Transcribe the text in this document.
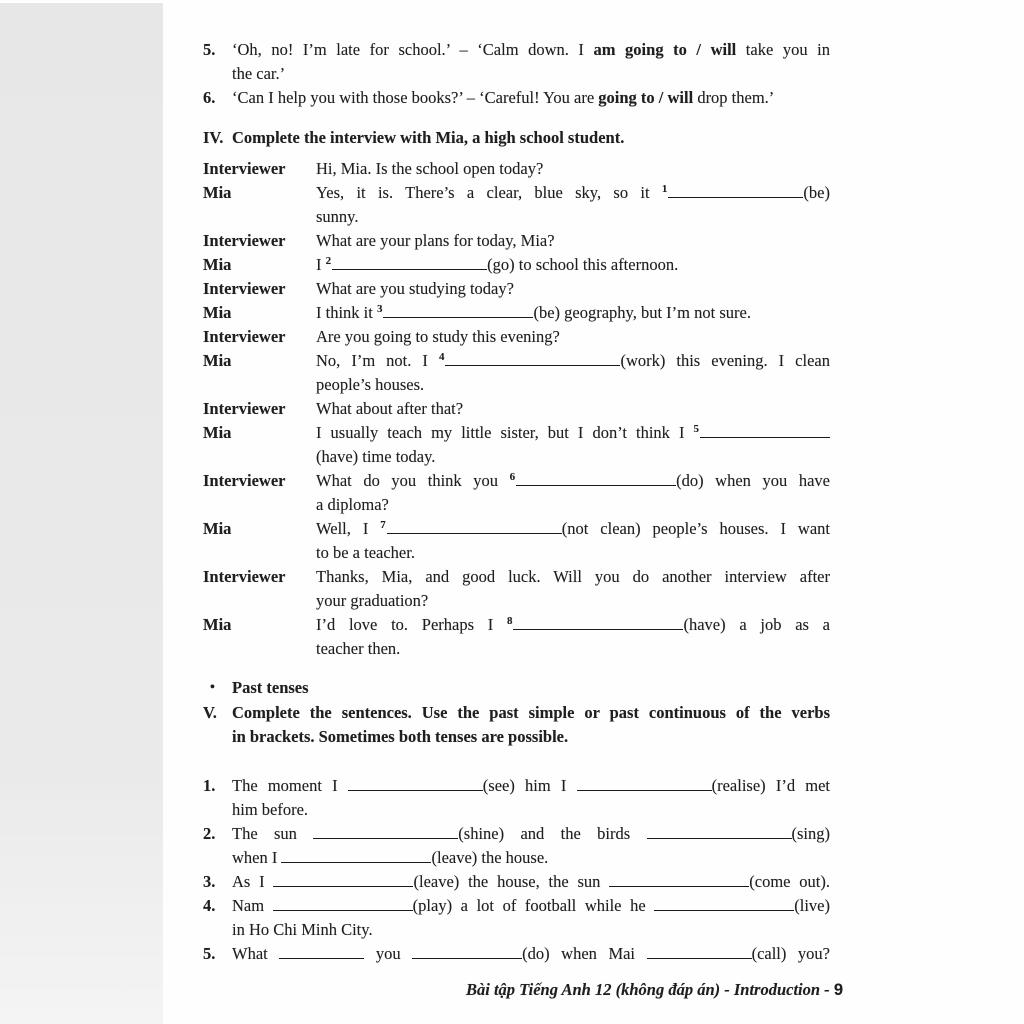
5.	‘Oh, no! I’m late for school.’ – ‘Calm down. I am going to / will take you in
the car.’
6.	‘Can I help you with those books?’ – ‘Careful! You are going to / will drop them.’
IV. Complete the interview with Mia, a high school student.
Interviewer	Hi, Mia. Is the school open today?
Mia	Yes, it is. There’s a clear, blue sky, so it $^1$	(be)
sunny.
Interviewer	What are your plans for today, Mia?
Mia	I $^2$	(go) to school this afternoon.
Interviewer	What are you studying today?
Mia	I think it $^3$	(be) geography, but I’m not sure.
Interviewer	Are you going to study this evening?
Mia	No, I’m not. I $^4$	(work) this evening. I clean
people’s houses.
Interviewer	What about after that?
Mia	I usually teach my little sister, but I don’t think I $^5$
(have) time today.
Interviewer	What do you think you $^6$	(do) when you have
a diploma?
Mia	Well, I $^7$	(not clean) people’s houses. I want
to be a teacher.
Interviewer	Thanks, Mia, and good luck. Will you do another interview after
your graduation?
Mia	I’d love to. Perhaps I $^8$	(have) a job as a
teacher then.
•	Past tenses
V. Complete the sentences. Use the past simple or past continuous of the verbs
in brackets. Sometimes both tenses are possible.
1.	The moment I	(see) him I	(realise) I’d met
him before.
2.	The sun	(shine) and the birds	(sing)
when I	(leave) the house.
3.	As I	(leave) the house, the sun	(come out).
4.	Nam	(play) a lot of football while he	(live)
in Ho Chi Minh City.
5.	What	you	(do) when Mai	(call) you?
Bài tập Tiếng Anh 12 (không đáp án) - Introduction - 9
